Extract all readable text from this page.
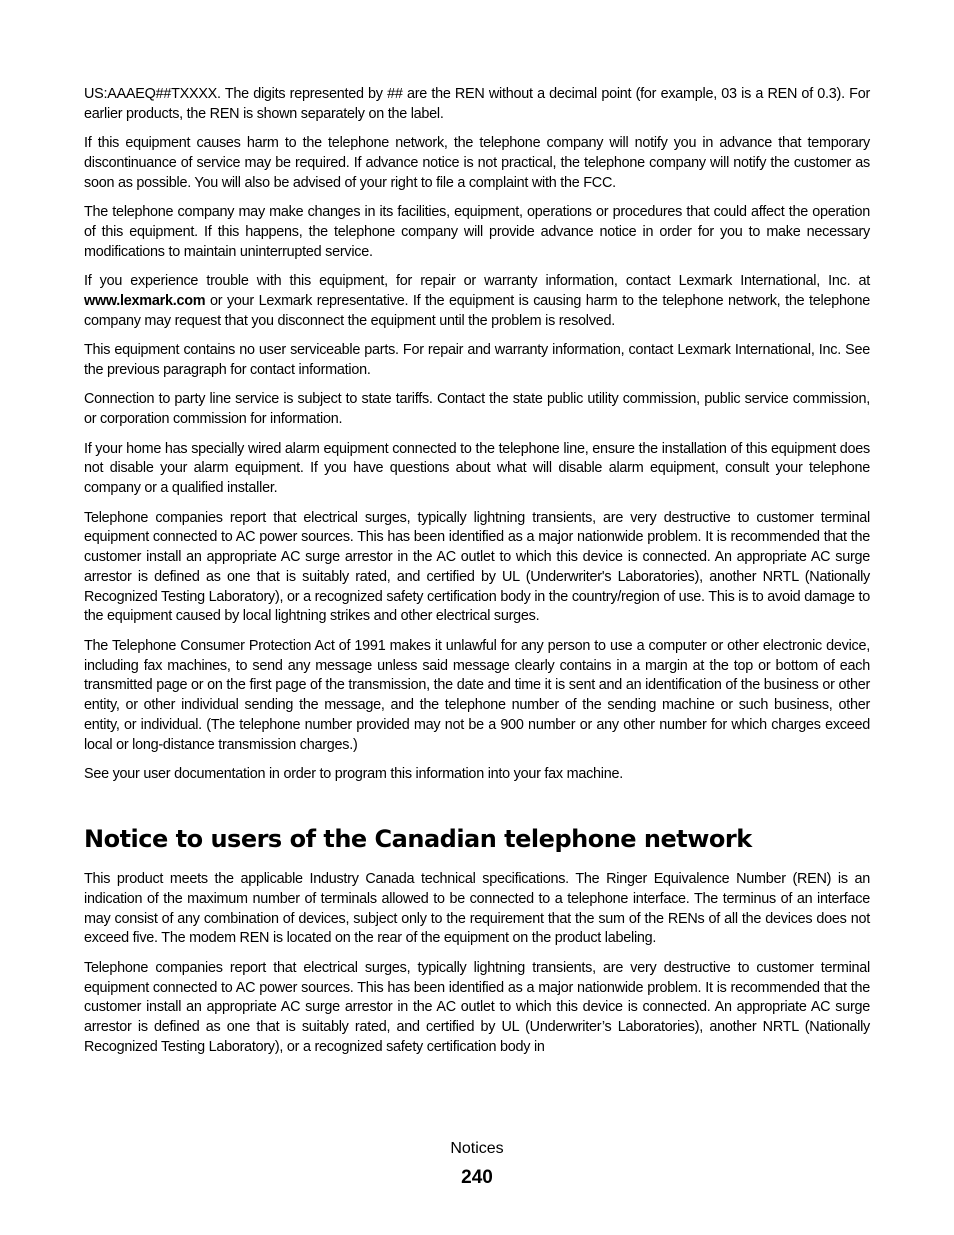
US:AAAEQ##TXXXX. The digits represented by ## are the REN without a decimal point (for example, 03 is a REN of 0.3). For earlier products, the REN is shown separately on the label.

If this equipment causes harm to the telephone network, the telephone company will notify you in advance that temporary discontinuance of service may be required. If advance notice is not practical, the telephone company will notify the customer as soon as possible. You will also be advised of your right to file a complaint with the FCC.

The telephone company may make changes in its facilities, equipment, operations or procedures that could affect the operation of this equipment. If this happens, the telephone company will provide advance notice in order for you to make necessary modifications to maintain uninterrupted service.

If you experience trouble with this equipment, for repair or warranty information, contact Lexmark International, Inc. at www.lexmark.com or your Lexmark representative. If the equipment is causing harm to the telephone network, the telephone company may request that you disconnect the equipment until the problem is resolved.

This equipment contains no user serviceable parts. For repair and warranty information, contact Lexmark International, Inc. See the previous paragraph for contact information.

Connection to party line service is subject to state tariffs. Contact the state public utility commission, public service commission, or corporation commission for information.

If your home has specially wired alarm equipment connected to the telephone line, ensure the installation of this equipment does not disable your alarm equipment. If you have questions about what will disable alarm equipment, consult your telephone company or a qualified installer.

Telephone companies report that electrical surges, typically lightning transients, are very destructive to customer terminal equipment connected to AC power sources. This has been identified as a major nationwide problem. It is recommended that the customer install an appropriate AC surge arrestor in the AC outlet to which this device is connected. An appropriate AC surge arrestor is defined as one that is suitably rated, and certified by UL (Underwriter's Laboratories), another NRTL (Nationally Recognized Testing Laboratory), or a recognized safety certification body in the country/region of use. This is to avoid damage to the equipment caused by local lightning strikes and other electrical surges.

The Telephone Consumer Protection Act of 1991 makes it unlawful for any person to use a computer or other electronic device, including fax machines, to send any message unless said message clearly contains in a margin at the top or bottom of each transmitted page or on the first page of the transmission, the date and time it is sent and an identification of the business or other entity, or other individual sending the message, and the telephone number of the sending machine or such business, other entity, or individual. (The telephone number provided may not be a 900 number or any other number for which charges exceed local or long-distance transmission charges.)

See your user documentation in order to program this information into your fax machine.

Notice to users of the Canadian telephone network

This product meets the applicable Industry Canada technical specifications. The Ringer Equivalence Number (REN) is an indication of the maximum number of terminals allowed to be connected to a telephone interface. The terminus of an interface may consist of any combination of devices, subject only to the requirement that the sum of the RENs of all the devices does not exceed five. The modem REN is located on the rear of the equipment on the product labeling.

Telephone companies report that electrical surges, typically lightning transients, are very destructive to customer terminal equipment connected to AC power sources. This has been identified as a major nationwide problem. It is recommended that the customer install an appropriate AC surge arrestor in the AC outlet to which this device is connected. An appropriate AC surge arrestor is defined as one that is suitably rated, and certified by UL (Underwriter’s Laboratories), another NRTL (Nationally Recognized Testing Laboratory), or a recognized safety certification body in

Notices
240
